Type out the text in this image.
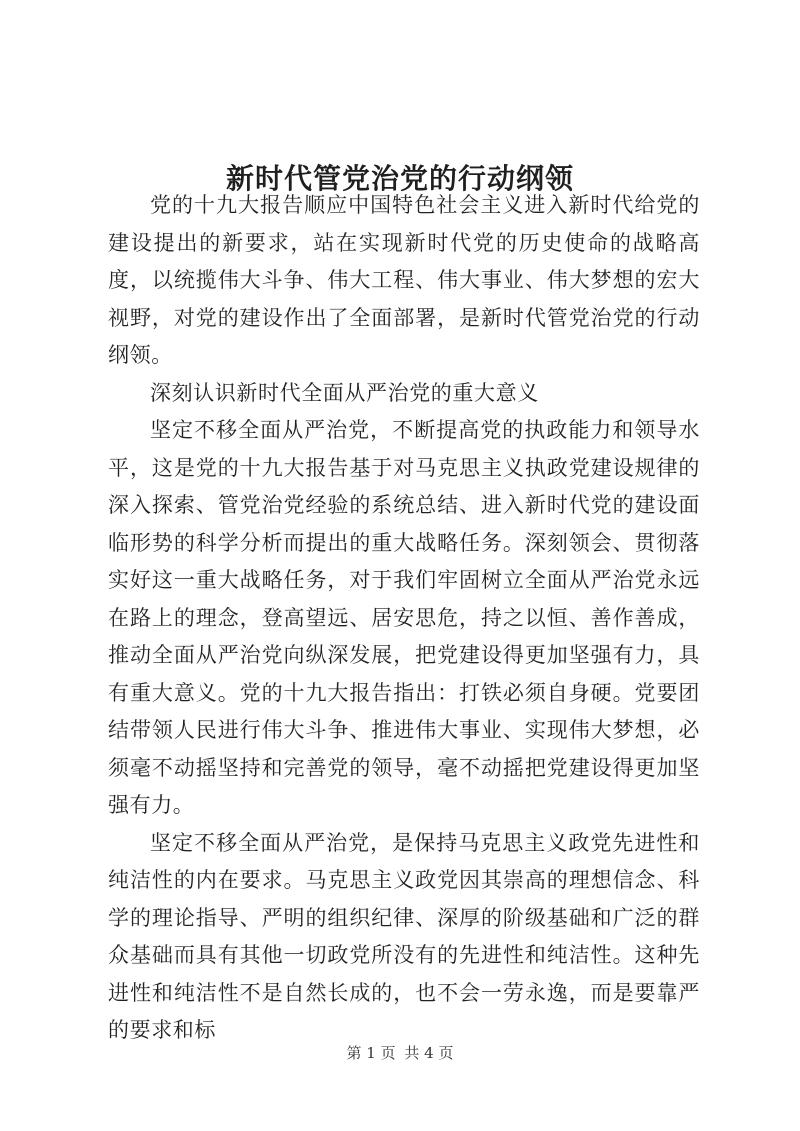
新时代管党治党的行动纲领

党的十九大报告顺应中国特色社会主义进入新时代给党的建设提出的新要求，站在实现新时代党的历史使命的战略高度，以统揽伟大斗争、伟大工程、伟大事业、伟大梦想的宏大视野，对党的建设作出了全面部署，是新时代管党治党的行动纲领。

深刻认识新时代全面从严治党的重大意义

坚定不移全面从严治党，不断提高党的执政能力和领导水平，这是党的十九大报告基于对马克思主义执政党建设规律的深入探索、管党治党经验的系统总结、进入新时代党的建设面临形势的科学分析而提出的重大战略任务。深刻领会、贯彻落实好这一重大战略任务，对于我们牢固树立全面从严治党永远在路上的理念，登高望远、居安思危，持之以恒、善作善成，推动全面从严治党向纵深发展，把党建设得更加坚强有力，具有重大意义。党的十九大报告指出：打铁必须自身硬。党要团结带领人民进行伟大斗争、推进伟大事业、实现伟大梦想，必须毫不动摇坚持和完善党的领导，毫不动摇把党建设得更加坚强有力。

坚定不移全面从严治党，是保持马克思主义政党先进性和纯洁性的内在要求。马克思主义政党因其崇高的理想信念、科学的理论指导、严明的组织纪律、深厚的阶级基础和广泛的群众基础而具有其他一切政党所没有的先进性和纯洁性。这种先进性和纯洁性不是自然长成的，也不会一劳永逸，而是要靠严的要求和标

第 1 页 共 4 页
